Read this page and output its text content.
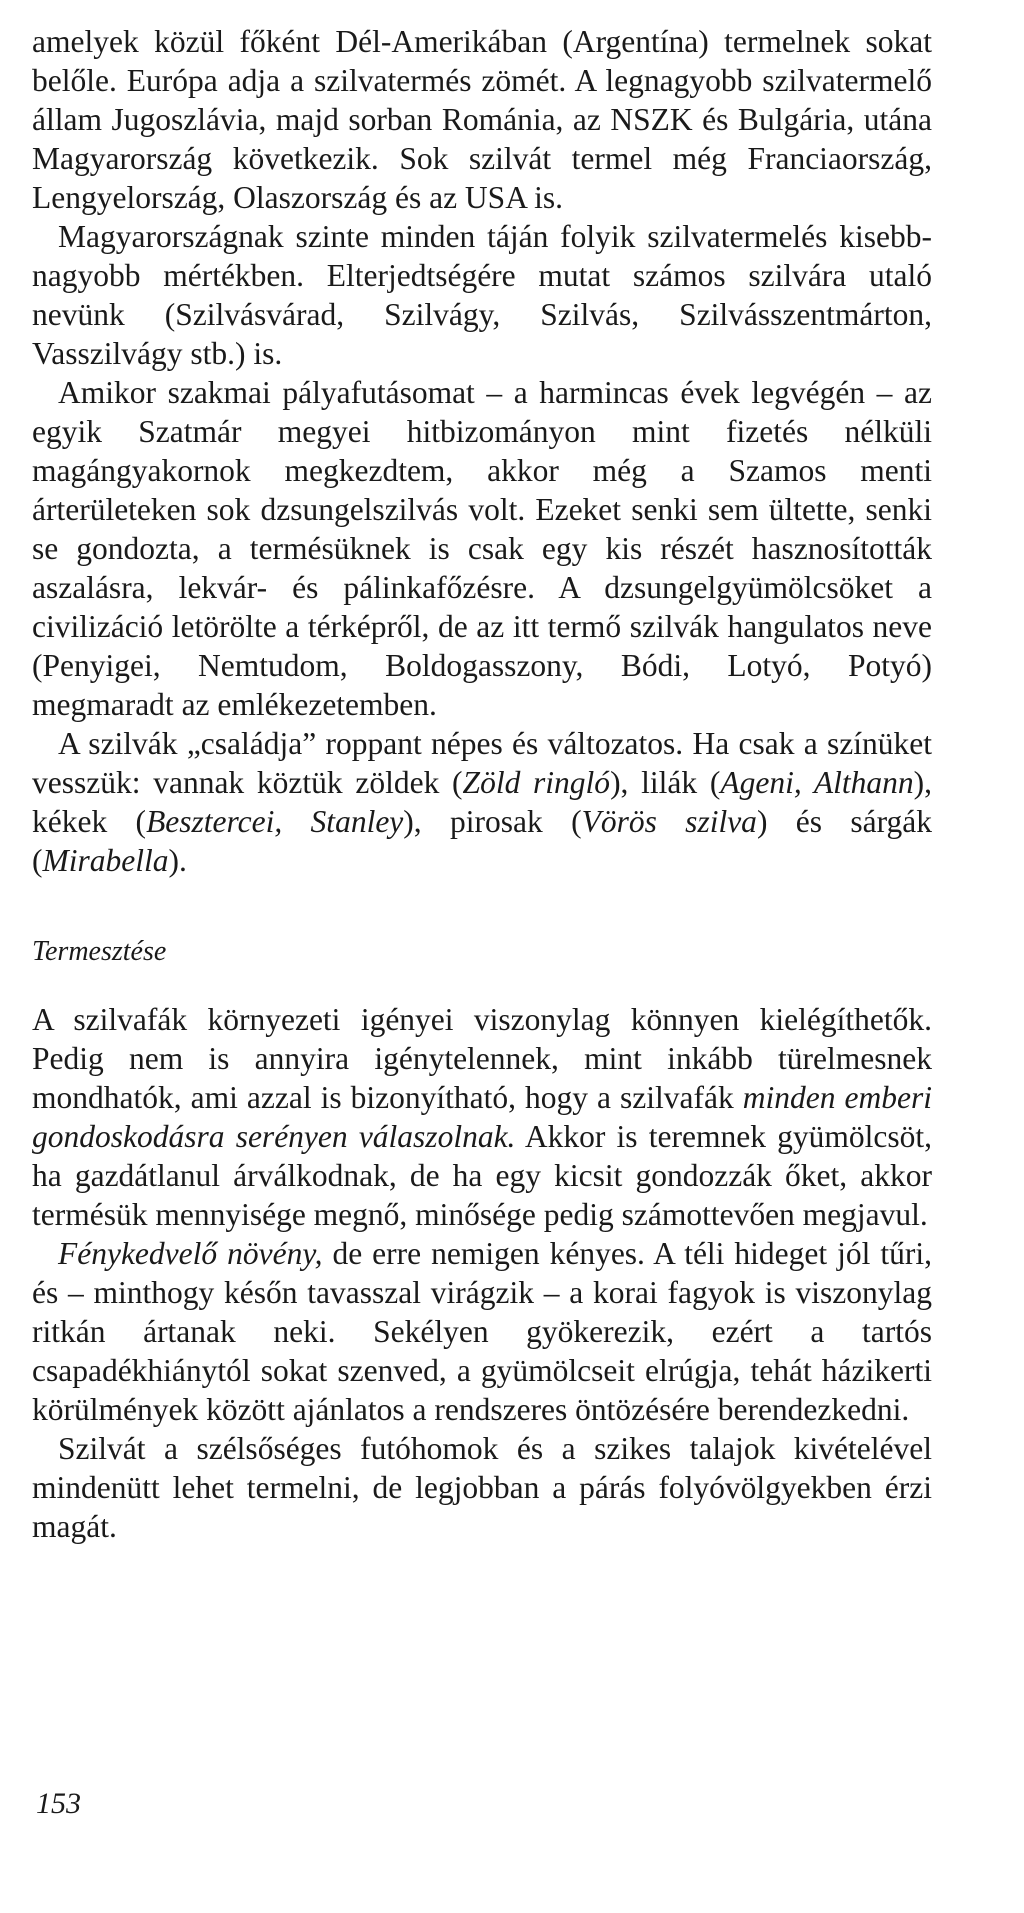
amelyek közül főként Dél-Amerikában (Argentína) termelnek sokat belőle. Európa adja a szilvatermés zömét. A legnagyobb szilvatermelő állam Jugoszlávia, majd sorban Románia, az NSZK és Bulgária, utána Magyarország következik. Sok szilvát termel még Franciaország, Lengyelország, Olaszország és az USA is.

Magyarországnak szinte minden táján folyik szilvatermelés kisebb-nagyobb mértékben. Elterjedtségére mutat számos szilvára utaló nevünk (Szilvásvárad, Szilvágy, Szilvás, Szilvásszentmárton, Vasszilvágy stb.) is.

Amikor szakmai pályafutásomat – a harmincas évek legvégén – az egyik Szatmár megyei hitbizományon mint fizetés nélküli magángyakornok megkezdtem, akkor még a Szamos menti árterületeken sok dzsungelszilvás volt. Ezeket senki sem ültette, senki se gondozta, a termésüknek is csak egy kis részét hasznosították aszalásra, lekvár- és pálinkafőzésre. A dzsungelgyümölcsöket a civilizáció letörölte a térképről, de az itt termő szilvák hangulatos neve (Penyigei, Nemtudom, Boldogasszony, Bódi, Lotyó, Potyó) megmaradt az emlékezetemben.

A szilvák „családja” roppant népes és változatos. Ha csak a színüket vesszük: vannak köztük zöldek (Zöld ringló), lilák (Ageni, Althann), kékek (Besztercei, Stanley), pirosak (Vörös szilva) és sárgák (Mirabella).

Termesztése

A szilvafák környezeti igényei viszonylag könnyen kielégíthetők. Pedig nem is annyira igénytelennek, mint inkább türelmesnek mondhatók, ami azzal is bizonyítható, hogy a szilvafák minden emberi gondoskodásra serényen válaszolnak. Akkor is teremnek gyümölcsöt, ha gazdátlanul árválkodnak, de ha egy kicsit gondozzák őket, akkor termésük mennyisége megnő, minősége pedig számottevően megjavul.

Fénykedvelő növény, de erre nemigen kényes. A téli hideget jól tűri, és – minthogy későn tavasszal virágzik – a korai fagyok is viszonylag ritkán ártanak neki. Sekélyen gyökerezik, ezért a tartós csapadékhiánytól sokat szenved, a gyümölcseit elrúgja, tehát házikerti körülmények között ajánlatos a rendszeres öntözésére berendezkedni.

Szilvát a szélsőséges futóhomok és a szikes talajok kivételével mindenütt lehet termelni, de legjobban a párás folyóvölgyekben érzi magát.

153
